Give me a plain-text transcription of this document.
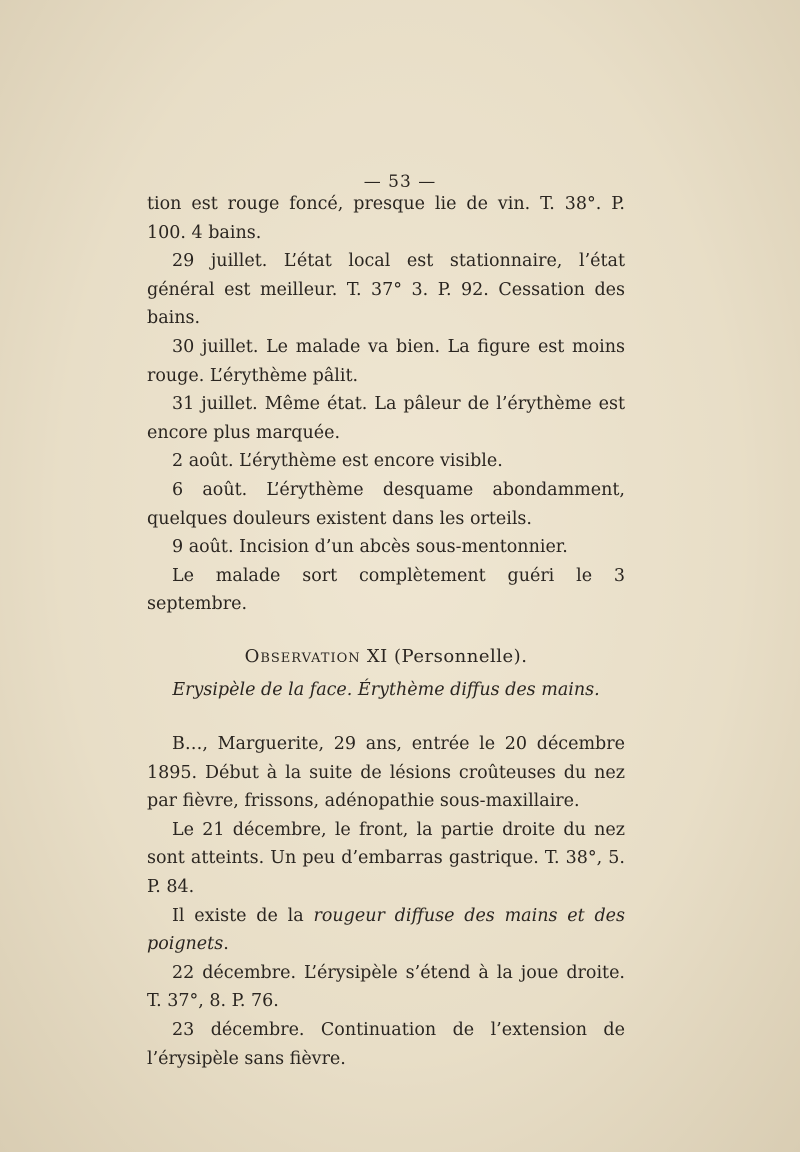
— 53 —

tion est rouge foncé, presque lie de vin. T. 38°. P. 100. 4 bains.

29 juillet. L’état local est stationnaire, l’état général est meilleur. T. 37° 3. P. 92. Cessation des bains.

30 juillet. Le malade va bien. La figure est moins rouge. L’érythème pâlit.

31 juillet. Même état. La pâleur de l’érythème est encore plus marquée.

2 août. L’érythème est encore visible.

6 août. L’érythème desquame abondamment, quelques douleurs existent dans les orteils.

9 août. Incision d’un abcès sous-mentonnier.

Le malade sort complètement guéri le 3 septembre.

Observation XI (Personnelle).

Erysipèle de la face. Érythème diffus des mains.

B…, Marguerite, 29 ans, entrée le 20 décembre 1895. Début à la suite de lésions croûteuses du nez par fièvre, frissons, adénopathie sous-maxillaire.

Le 21 décembre, le front, la partie droite du nez sont atteints. Un peu d’embarras gastrique. T. 38°, 5. P. 84.

Il existe de la rougeur diffuse des mains et des poignets.

22 décembre. L’érysipèle s’étend à la joue droite. T. 37°, 8. P. 76.

23 décembre. Continuation de l’extension de l’érysipèle sans fièvre.
